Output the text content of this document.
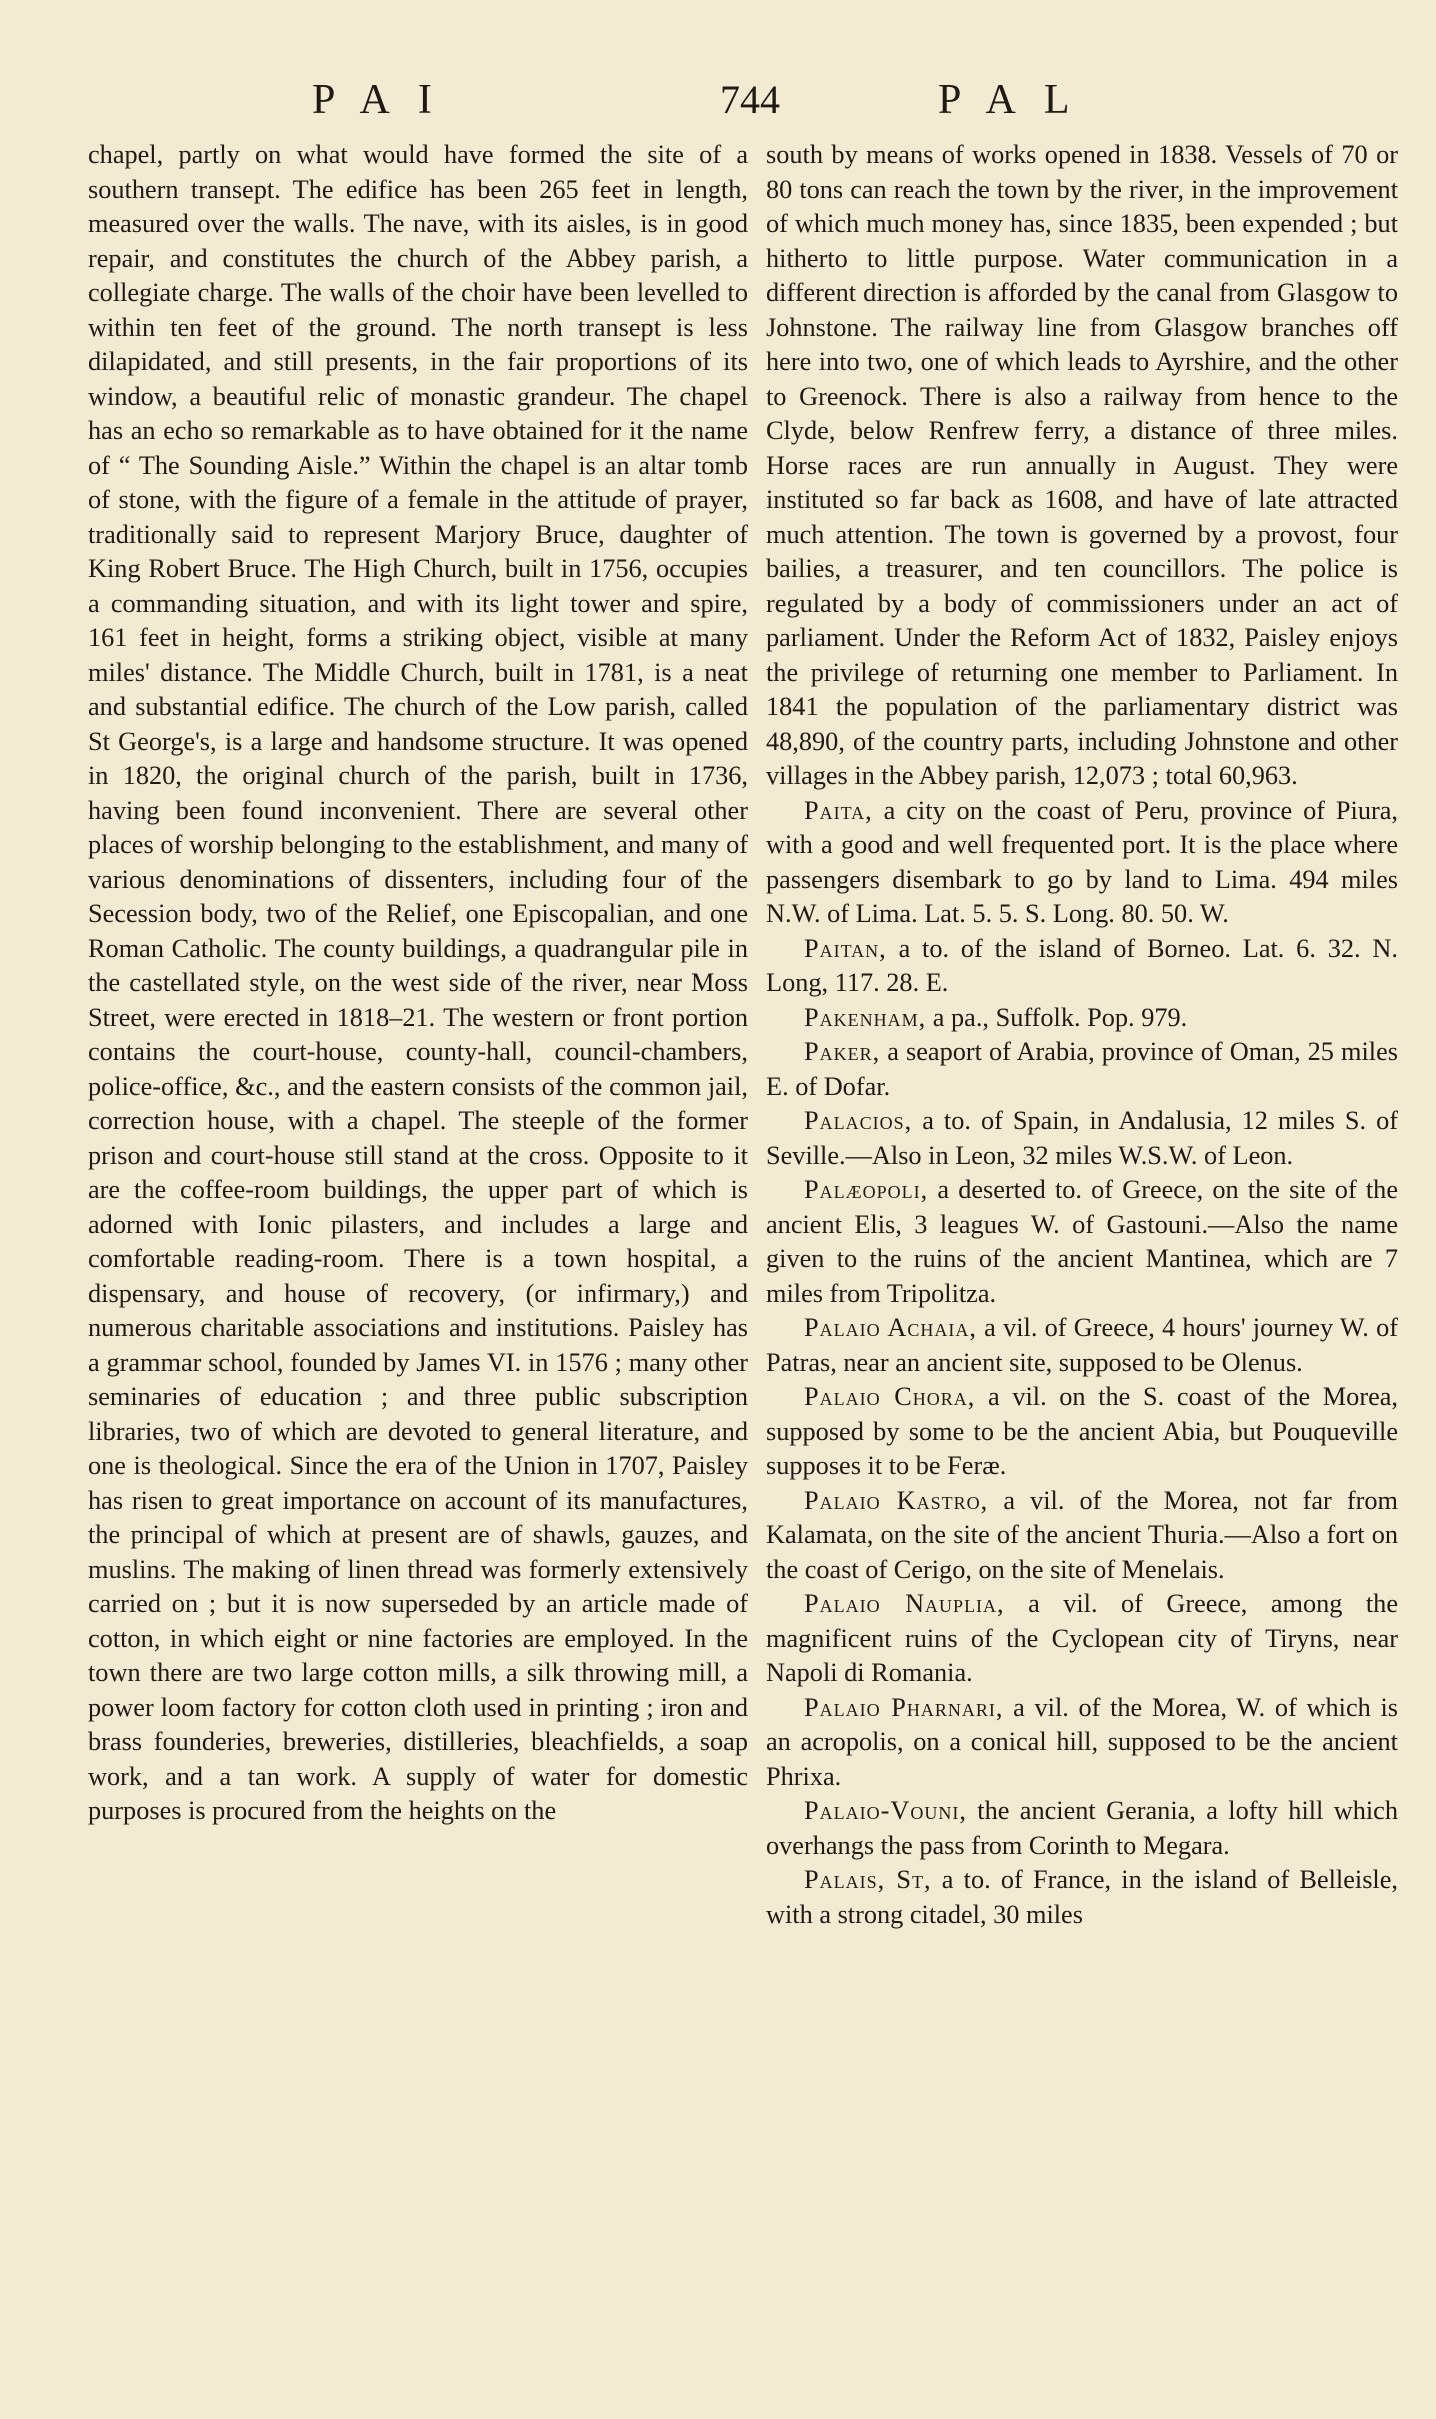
PAI	744	PAL

chapel, partly on what would have formed the site of a southern transept. The edifice has been 265 feet in length, measured over the walls. The nave, with its aisles, is in good repair, and constitutes the church of the Abbey parish, a collegiate charge. The walls of the choir have been levelled to within ten feet of the ground. The north transept is less dilapidated, and still presents, in the fair proportions of its window, a beautiful relic of monastic grandeur. The chapel has an echo so remarkable as to have obtained for it the name of “ The Sounding Aisle.” Within the chapel is an altar tomb of stone, with the figure of a female in the attitude of prayer, traditionally said to represent Marjory Bruce, daughter of King Robert Bruce. The High Church, built in 1756, occupies a commanding situation, and with its light tower and spire, 161 feet in height, forms a striking object, visible at many miles' distance. The Middle Church, built in 1781, is a neat and substantial edifice. The church of the Low parish, called St George's, is a large and handsome structure. It was opened in 1820, the original church of the parish, built in 1736, having been found inconvenient. There are several other places of worship belonging to the establishment, and many of various denominations of dissenters, including four of the Secession body, two of the Relief, one Episcopalian, and one Roman Catholic. The county buildings, a quadrangular pile in the castellated style, on the west side of the river, near Moss Street, were erected in 1818–21. The western or front portion contains the court-house, county-hall, council-chambers, police-office, &c., and the eastern consists of the common jail, correction house, with a chapel. The steeple of the former prison and court-house still stand at the cross. Opposite to it are the coffee-room buildings, the upper part of which is adorned with Ionic pilasters, and includes a large and comfortable reading-room. There is a town hospital, a dispensary, and house of recovery, (or infirmary,) and numerous charitable associations and institutions. Paisley has a grammar school, founded by James VI. in 1576 ; many other seminaries of education ; and three public subscription libraries, two of which are devoted to general literature, and one is theological. Since the era of the Union in 1707, Paisley has risen to great importance on account of its manufactures, the principal of which at present are of shawls, gauzes, and muslins. The making of linen thread was formerly extensively carried on ; but it is now superseded by an article made of cotton, in which eight or nine factories are employed. In the town there are two large cotton mills, a silk throwing mill, a power loom factory for cotton cloth used in printing ; iron and brass founderies, breweries, distilleries, bleachfields, a soap work, and a tan work. A supply of water for domestic purposes is procured from the heights on the

south by means of works opened in 1838. Vessels of 70 or 80 tons can reach the town by the river, in the improvement of which much money has, since 1835, been expended ; but hitherto to little purpose. Water communication in a different direction is afforded by the canal from Glasgow to Johnstone. The railway line from Glasgow branches off here into two, one of which leads to Ayrshire, and the other to Greenock. There is also a railway from hence to the Clyde, below Renfrew ferry, a distance of three miles. Horse races are run annually in August. They were instituted so far back as 1608, and have of late attracted much attention. The town is governed by a provost, four bailies, a treasurer, and ten councillors. The police is regulated by a body of commissioners under an act of parliament. Under the Reform Act of 1832, Paisley enjoys the privilege of returning one member to Parliament. In 1841 the population of the parliamentary district was 48,890, of the country parts, including Johnstone and other villages in the Abbey parish, 12,073 ; total 60,963.

Paita, a city on the coast of Peru, province of Piura, with a good and well frequented port. It is the place where passengers disembark to go by land to Lima. 494 miles N.W. of Lima. Lat. 5. 5. S. Long. 80. 50. W.

Paitan, a to. of the island of Borneo. Lat. 6. 32. N. Long, 117. 28. E.

Pakenham, a pa., Suffolk. Pop. 979.

Paker, a seaport of Arabia, province of Oman, 25 miles E. of Dofar.

Palacios, a to. of Spain, in Andalusia, 12 miles S. of Seville.—Also in Leon, 32 miles W.S.W. of Leon.

Palæopoli, a deserted to. of Greece, on the site of the ancient Elis, 3 leagues W. of Gastouni.—Also the name given to the ruins of the ancient Mantinea, which are 7 miles from Tripolitza.

Palaio Achaia, a vil. of Greece, 4 hours' journey W. of Patras, near an ancient site, supposed to be Olenus.

Palaio Chora, a vil. on the S. coast of the Morea, supposed by some to be the ancient Abia, but Pouqueville supposes it to be Feræ.

Palaio Kastro, a vil. of the Morea, not far from Kalamata, on the site of the ancient Thuria.—Also a fort on the coast of Cerigo, on the site of Menelais.

Palaio Nauplia, a vil. of Greece, among the magnificent ruins of the Cyclopean city of Tiryns, near Napoli di Romania.

Palaio Pharnari, a vil. of the Morea, W. of which is an acropolis, on a conical hill, supposed to be the ancient Phrixa.

Palaio-Vouni, the ancient Gerania, a lofty hill which overhangs the pass from Corinth to Megara.

Palais, St, a to. of France, in the island of Belleisle, with a strong citadel, 30 miles
